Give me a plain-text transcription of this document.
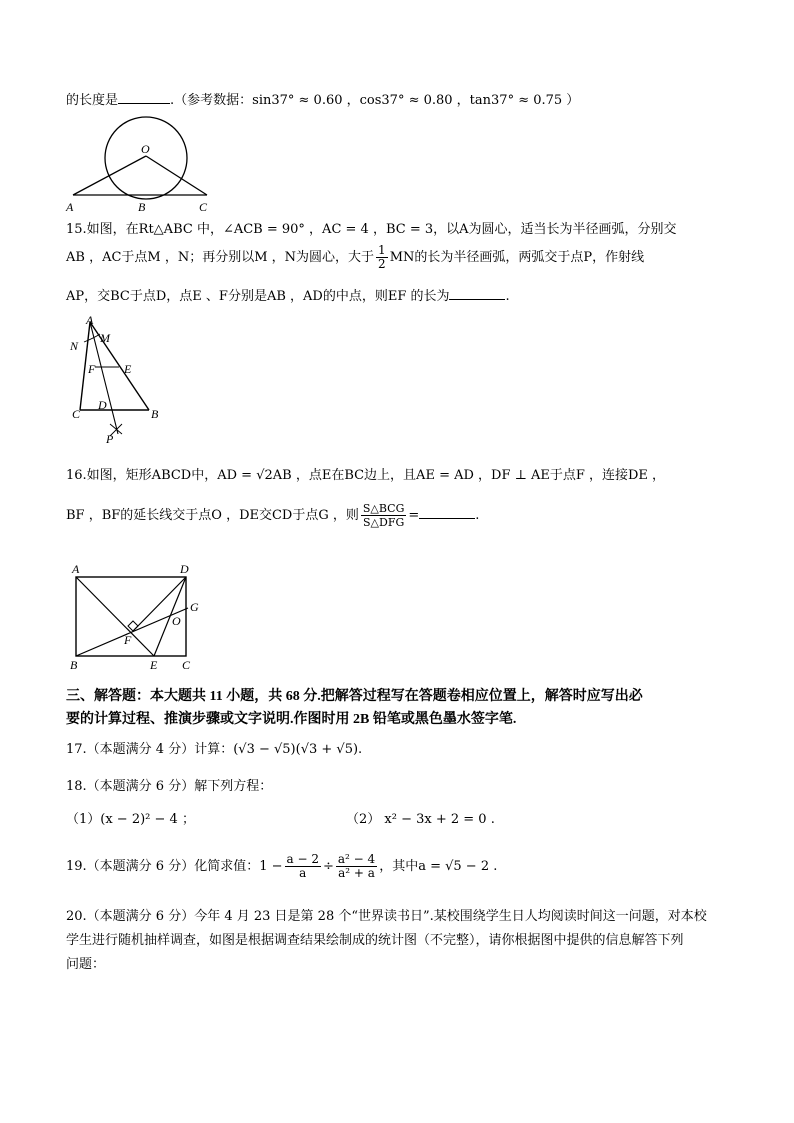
的长度是	.（参考数据：sin37° ≈ 0.60 ，cos37° ≈ 0.80 ，tan37° ≈ 0.75 ）
O
A	B	C
15.如图，在Rt△ABC 中，∠ACB = 90° ，AC = 4 ，BC = 3，以A为圆心，适当长为半径画弧，分别交
AB ，AC于点M ，N；再分别以M ，N为圆心，大于 $\frac{1}{2}$ MN的长为半径画弧，两弧交于点P，作射线
AP，交BC于点D，点E 、F分别是AB ，AD的中点，则EF 的长为	.
A
M
N
F E
C
D
B
P
16.如图，矩形ABCD中，AD = √2AB ，点E在BC边上，且AE = AD ，DF ⊥ AE于点F ，连接DE ，
BF ，BF的延长线交于点O ，DE交CD于点G ，则 $\frac{\text{S△BCG}}{\text{S△DFG}}$ =	.
A	D
G
O
F
B	E C
三、解答题：本大题共 11 小题，共 68 分.把解答过程写在答题卷相应位置上，解答时应写出必
要的计算过程、推演步骤或文字说明.作图时用 2B 铅笔或黑色墨水签字笔.
17.（本题满分 4 分）计算：(√3 − √5)(√3 + √5).
18.（本题满分 6 分）解下列方程：
（1）(x − 2)² − 4 ；	（2） x² − 3x + 2 = 0 .
19.（本题满分 6 分）化简求值：$1 - \frac{a - 2}{a} \div \frac{\text{a² − 4}}{\text{a² + a}}$ ，其中a = √5 − 2 .
20.（本题满分 6 分）今年 4 月 23 日是第 28 个“世界读书日”.某校围绕学生日人均阅读时间这一问题，对本校
学生进行随机抽样调查，如图是根据调查结果绘制成的统计图（不完整），请你根据图中提供的信息解答下列
问题：
